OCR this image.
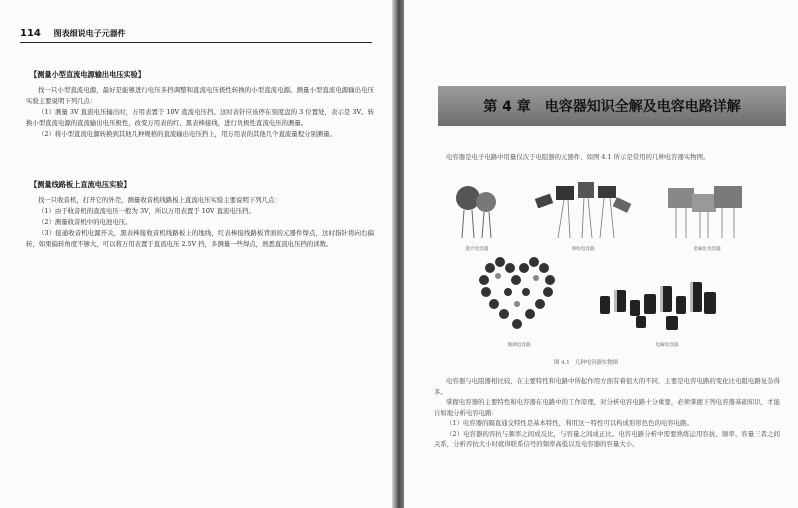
114 图表细说电子元器件
【测量小型直流电源输出电压实验】

找一只小型直流电源，最好是能够进行电压多挡调整和直流电压极性转换的小型直流电源。测量小型直流电源输出电压实验主要说明下列几点：

（1）测量 3V 直流电压输出时，万用表置于 10V 直流电压挡。这时表针应该停在刻度盘的 3 位置处，表示是 3V。转换小型直流电源的直流输出电压极性，改变万用表的红、黑表棒接线，进行负极性直流电压的测量。

（2）将小型直流电源转换到其他几种规格的直流输出电压挡上，用万用表的其他几个直流量程分别测量。

【测量线路板上直流电压实验】

找一只收音机，打开它的外壳，测量收音机线路板上直流电压实验主要说明下列几点：

（1）由于收音机的直流电压一般为 3V，所以万用表置于 10V 直流电压挡。

（2）测量收音机中的电池电压。

（3）接通收音机电源开关，黑表棒接收音机线路板上的地线，红表棒接线路板背面的元器件焊点，这时指针将向右偏转，如果偏转角度不够大，可以将万用表置于直流电压 2.5V 挡，多测量一些焊点，熟悉直流电压挡的读数。

第 4 章　电容器知识全解及电容电路详解

电容器是电子电路中用量仅次于电阻器的元器件，如图 4.1 所示是常用的几种电容器实物图。

瓷介电容器	涤纶电容器	金属化电容器
微调电容器	电解电容器
图 4.1　几种电容器实物图

电容器与电阻器相比较，在主要特性和电路中所起作用方面有着很大的不同，主要是电容电路的变化比电阻电路复杂得多。

掌握电容器的主要特性和电容器在电路中的工作原理，对分析电容电路十分重要，必须掌握下列电容器基础知识，才能自如地分析电容电路：

（1）电容器的隔直通交特性是基本特性，利用这一特性可以构成形形色色的电容电路。

（2）电容器的容抗与频率之间成反比，与容量之间成正比。电容电路分析中需要熟练运用容抗、频率、容量三者之间关系，分析容抗大小时就得联系信号的频率高低以及电容器的容量大小。
